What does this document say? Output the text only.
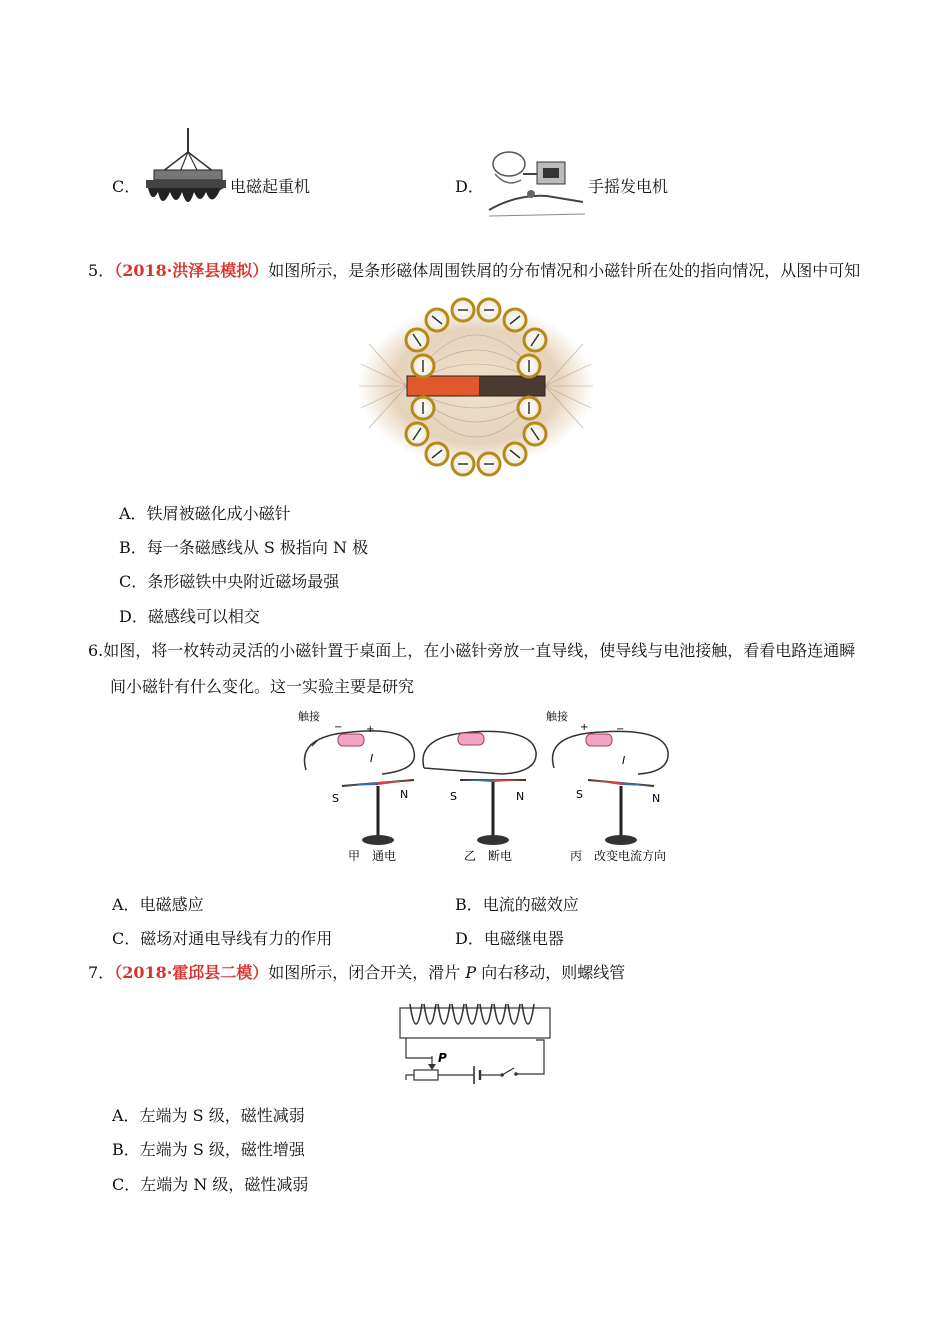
C．	电磁起重机	D．	手摇发电机
5．（2018·洪泽县模拟）如图所示，是条形磁体周围铁屑的分布情况和小磁针所在处的指向情况，从图中可知
A．铁屑被磁化成小磁针
B．每一条磁感线从 S 极指向 N 极
C．条形磁铁中央附近磁场最强
D．磁感线可以相交
6.如图，将一枚转动灵活的小磁针置于桌面上，在小磁针旁放一直导线，使导线与电池接触，看看电路连通瞬
间小磁针有什么变化。这一实验主要是研究
触接
− +
I
S	N
甲　通电
S	N
乙　断电
触接
+	−
I
S	N
丙　改变电流方向
A．电磁感应	B．电流的磁效应
C．磁场对通电导线有力的作用	D．电磁继电器
7．（2018·霍邱县二模）如图所示，闭合开关，滑片 P 向右移动，则螺线管
P
A．左端为 S 级，磁性减弱
B．左端为 S 级，磁性增强
C．左端为 N 级，磁性减弱
